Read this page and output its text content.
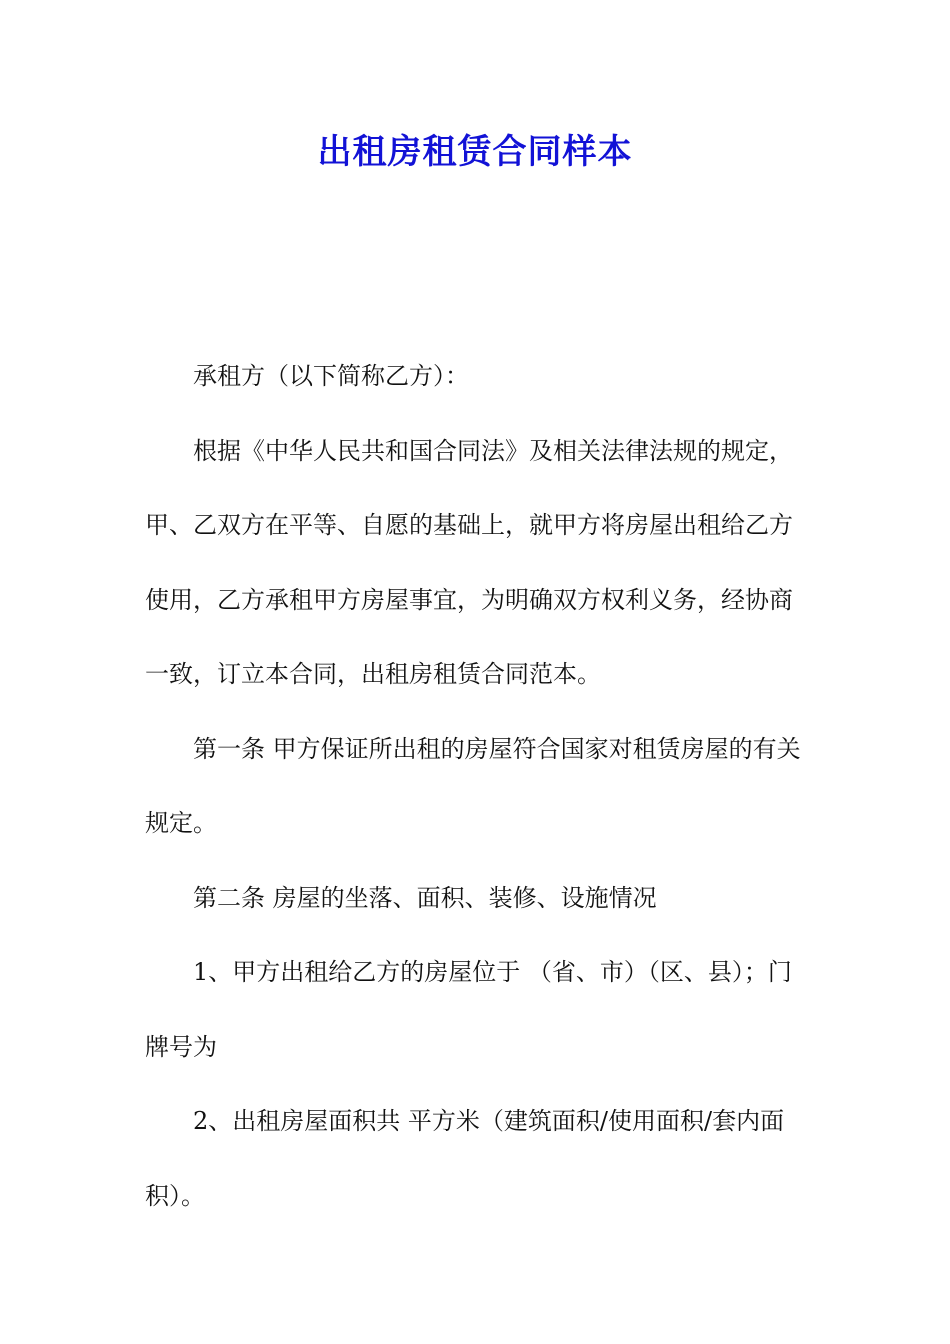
出租房租赁合同样本

承租方（以下简称乙方）：

根据《中华人民共和国合同法》及相关法律法规的规定，甲、乙双方在平等、自愿的基础上，就甲方将房屋出租给乙方使用，乙方承租甲方房屋事宜，为明确双方权利义务，经协商一致，订立本合同，出租房租赁合同范本。

第一条 甲方保证所出租的房屋符合国家对租赁房屋的有关规定。

第二条 房屋的坐落、面积、装修、设施情况

1、甲方出租给乙方的房屋位于 （省、市）（区、县）；门牌号为

2、出租房屋面积共 平方米（建筑面积/使用面积/套内面积）。
